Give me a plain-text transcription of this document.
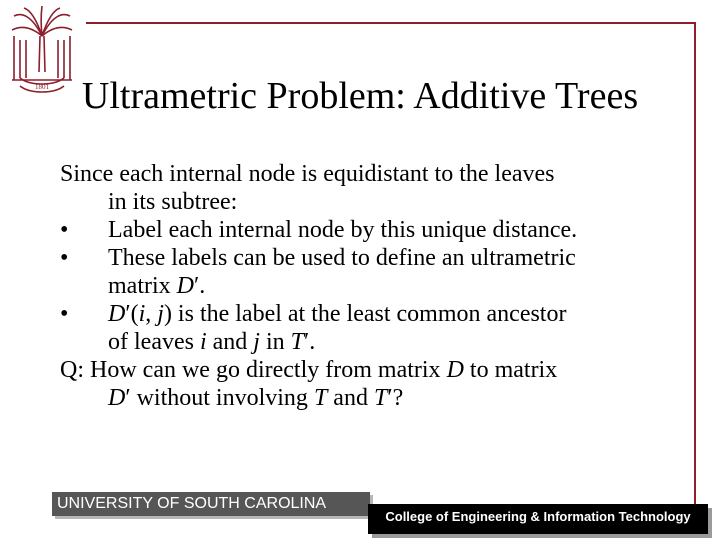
1801 Ultrametric Problem: Additive Trees
Since each internal node is equidistant to the leaves
in its subtree:
•	Label each internal node by this unique distance.
•	These labels can be used to define an ultrametric
matrix D′.
•	D′(i, j) is the label at the least common ancestor
of leaves i and j in T′.
Q: How can we go directly from matrix D to matrix
D′ without involving T and T′?
UNIVERSITY OF SOUTH CAROLINA
College of Engineering & Information Technology
